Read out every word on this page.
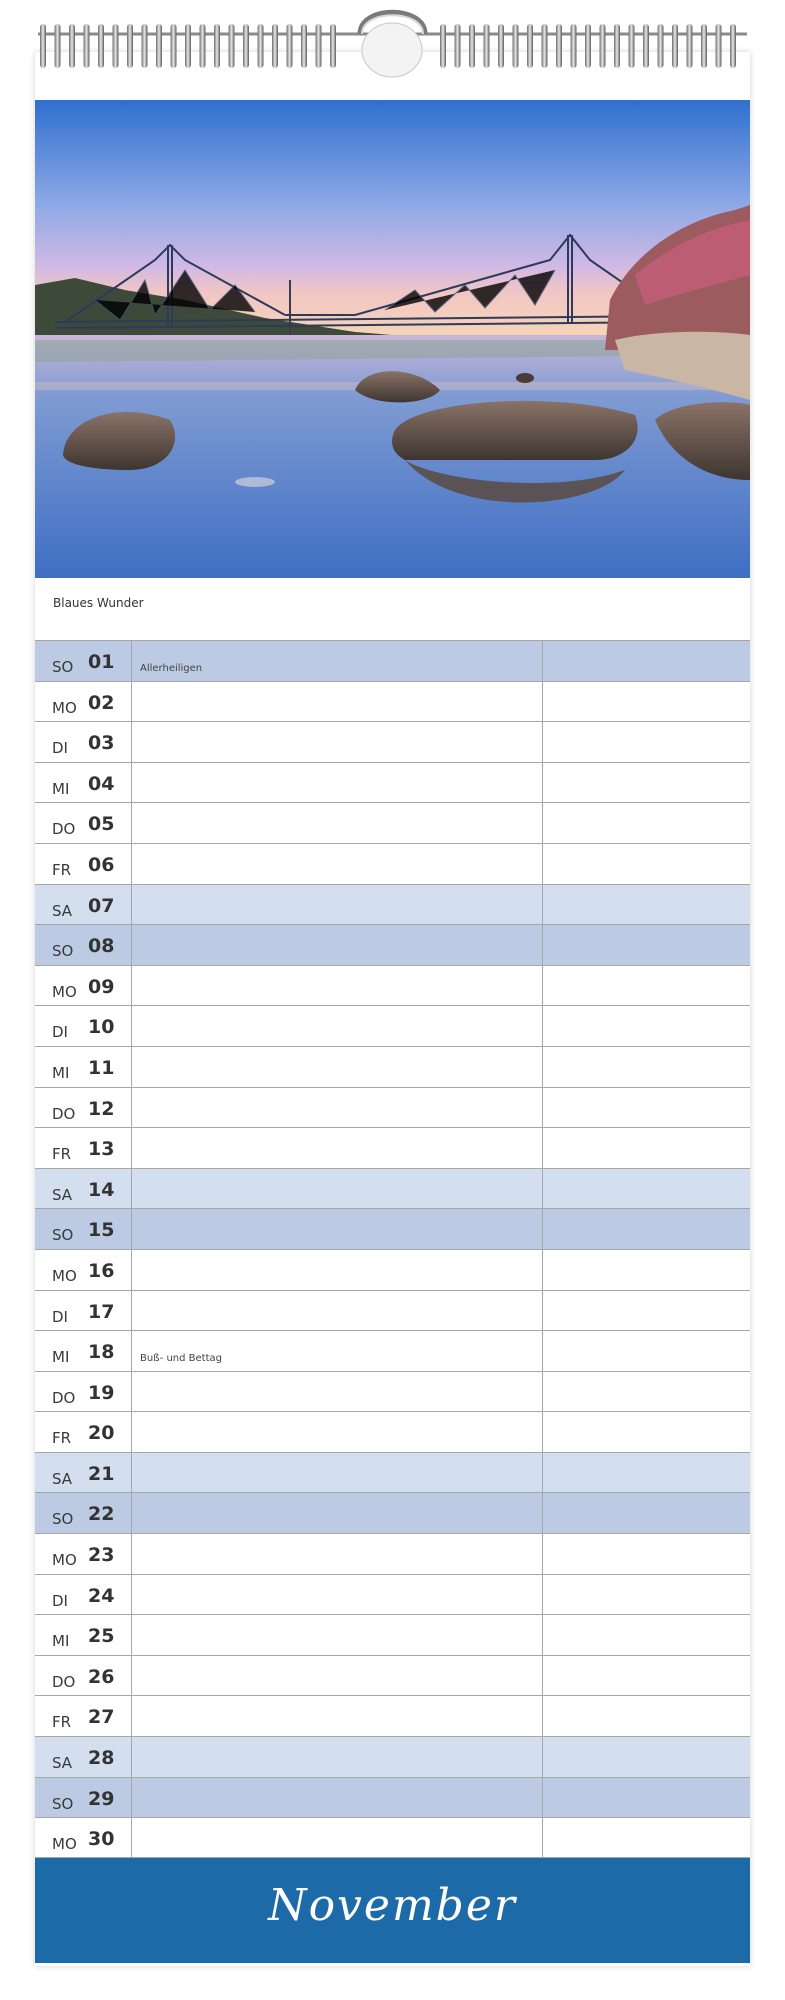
Blaues Wunder
SO 01	Allerheiligen
MO 02
DI 03
MI 04
DO 05
FR 06
SA 07
SO 08
MO 09
DI 10
MI 11
DO 12
FR 13
SA 14
SO 15
MO 16
DI 17
MI 18	Buß- und Bettag
DO 19
FR 20
SA 21
SO 22
MO 23
DI 24
MI 25
DO 26
FR 27
SA 28
SO 29
MO 30
November
